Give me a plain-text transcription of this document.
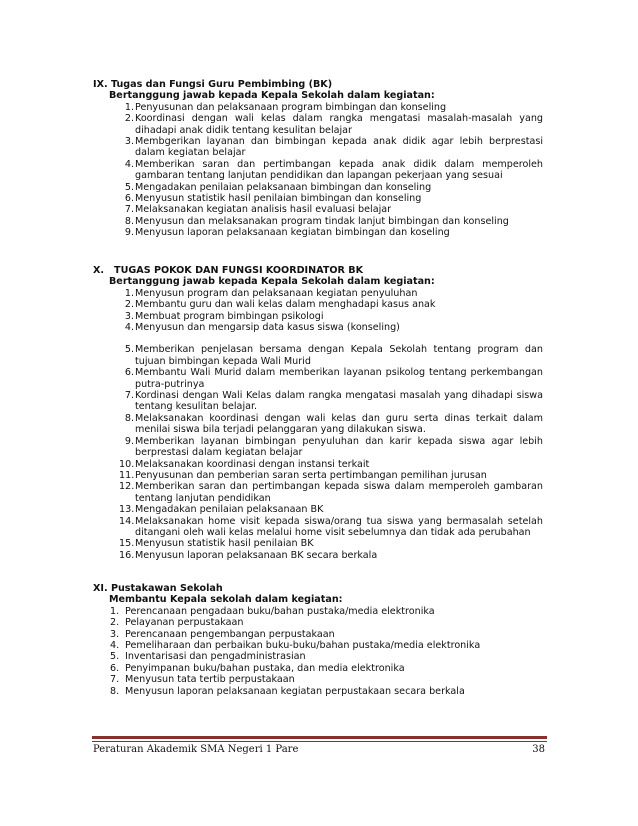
IX. Tugas dan Fungsi Guru Pembimbing (BK)
Bertanggung jawab kepada Kepala Sekolah dalam kegiatan:
1. Penyusunan dan pelaksanaan program bimbingan dan konseling
2. Koordinasi dengan wali kelas dalam rangka mengatasi masalah-masalah yang dihadapi anak didik tentang kesulitan belajar
3. Membgerikan layanan dan bimbingan kepada anak didik agar lebih berprestasi dalam kegiatan belajar
4. Memberikan saran dan pertimbangan kepada anak didik dalam memperoleh gambaran tentang lanjutan pendidikan dan lapangan pekerjaan yang sesuai
5. Mengadakan penilaian pelaksanaan bimbingan dan konseling
6. Menyusun statistik hasil penilaian bimbingan dan konseling
7. Melaksanakan kegiatan analisis hasil evaluasi belajar
8. Menyusun dan melaksanakan program tindak lanjut bimbingan dan konseling
9. Menyusun laporan pelaksanaan kegiatan bimbingan dan koseling
X.   TUGAS POKOK DAN FUNGSI KOORDINATOR BK
Bertanggung jawab kepada Kepala Sekolah dalam kegiatan:
1. Menyusun program dan pelaksanaan kegiatan penyuluhan
2. Membantu guru dan wali kelas dalam menghadapi kasus anak
3. Membuat program bimbingan psikologi
4. Menyusun dan mengarsip data kasus siswa (konseling)
5. Memberikan penjelasan bersama dengan Kepala Sekolah tentang program dan tujuan bimbingan kepada Wali Murid
6. Membantu Wali Murid dalam memberikan layanan psikolog tentang perkembangan putra-putrinya
7. Kordinasi dengan Wali Kelas dalam rangka mengatasi masalah yang dihadapi siswa tentang kesulitan belajar.
8. Melaksanakan koordinasi dengan wali kelas dan guru serta dinas terkait dalam menilai siswa bila terjadi pelanggaran yang dilakukan siswa.
9. Memberikan layanan bimbingan penyuluhan dan karir kepada siswa agar lebih berprestasi dalam kegiatan belajar
10. Melaksanakan koordinasi dengan instansi terkait
11. Penyusunan dan pemberian saran serta pertimbangan pemilihan jurusan
12. Memberikan saran dan pertimbangan kepada siswa dalam memperoleh gambaran tentang lanjutan pendidikan
13. Mengadakan penilaian pelaksanaan BK
14. Melaksanakan home visit kepada siswa/orang tua siswa yang bermasalah setelah ditangani oleh wali kelas melalui home visit sebelumnya dan tidak ada perubahan
15. Menyusun statistik hasil penilaian BK
16. Menyusun laporan pelaksanaan BK secara berkala
XI. Pustakawan Sekolah
Membantu Kepala sekolah dalam kegiatan:
1. Perencanaan pengadaan buku/bahan pustaka/media elektronika
2. Pelayanan perpustakaan
3. Perencanaan pengembangan perpustakaan
4. Pemeliharaan dan perbaikan buku-buku/bahan pustaka/media elektronika
5. Inventarisasi dan pengadministrasian
6. Penyimpanan buku/bahan pustaka, dan media elektronika
7. Menyusun tata tertib perpustakaan
8. Menyusun laporan pelaksanaan kegiatan perpustakaan secara berkala
Peraturan Akademik SMA Negeri 1 Pare	38
